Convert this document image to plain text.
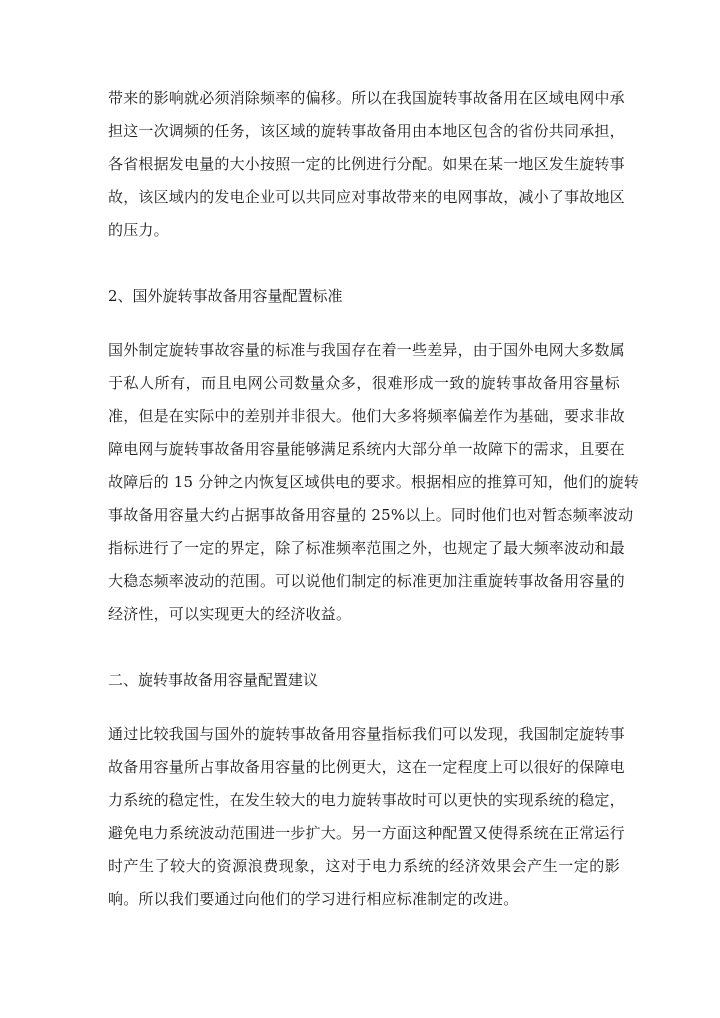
带来的影响就必须消除频率的偏移。所以在我国旋转事故备用在区域电网中承
担这一次调频的任务，该区域的旋转事故备用由本地区包含的省份共同承担，
各省根据发电量的大小按照一定的比例进行分配。如果在某一地区发生旋转事
故，该区域内的发电企业可以共同应对事故带来的电网事故，减小了事故地区
的压力。
2、国外旋转事故备用容量配置标准
国外制定旋转事故容量的标准与我国存在着一些差异，由于国外电网大多数属
于私人所有，而且电网公司数量众多，很难形成一致的旋转事故备用容量标
准，但是在实际中的差别并非很大。他们大多将频率偏差作为基础，要求非故
障电网与旋转事故备用容量能够满足系统内大部分单一故障下的需求，且要在
故障后的 15 分钟之内恢复区域供电的要求。根据相应的推算可知，他们的旋转
事故备用容量大约占据事故备用容量的 25%以上。同时他们也对暂态频率波动
指标进行了一定的界定，除了标准频率范围之外，也规定了最大频率波动和最
大稳态频率波动的范围。可以说他们制定的标准更加注重旋转事故备用容量的
经济性，可以实现更大的经济收益。
二、旋转事故备用容量配置建议
通过比较我国与国外的旋转事故备用容量指标我们可以发现，我国制定旋转事
故备用容量所占事故备用容量的比例更大，这在一定程度上可以很好的保障电
力系统的稳定性，在发生较大的电力旋转事故时可以更快的实现系统的稳定，
避免电力系统波动范围进一步扩大。另一方面这种配置又使得系统在正常运行
时产生了较大的资源浪费现象，这对于电力系统的经济效果会产生一定的影
响。所以我们要通过向他们的学习进行相应标准制定的改进。
